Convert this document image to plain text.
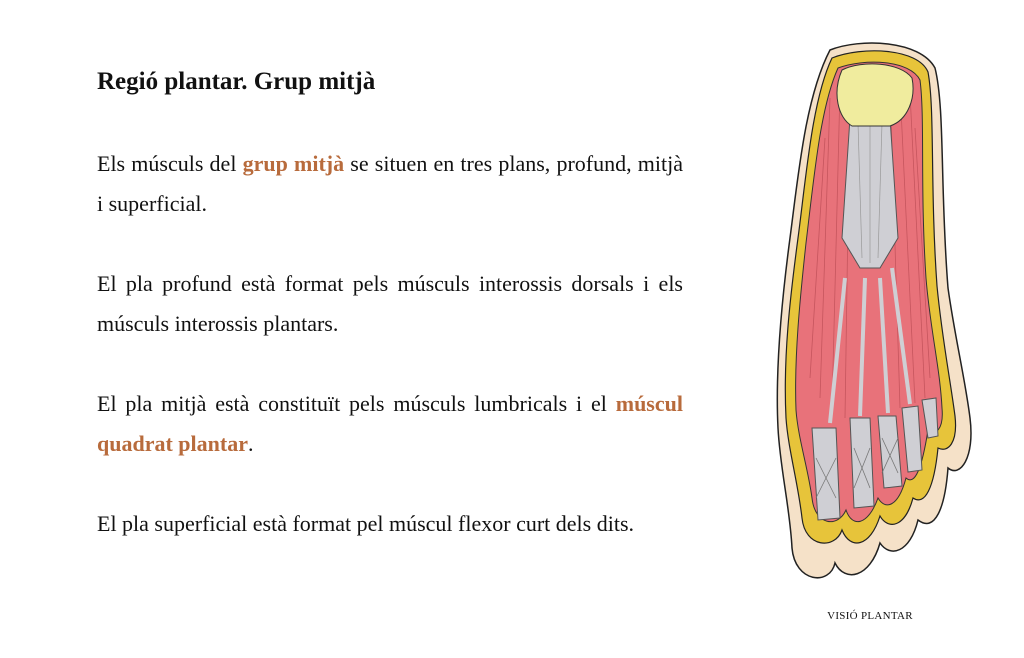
Regió plantar. Grup mitjà

Els músculs del grup mitjà se situen en tres plans, profund, mitjà i superficial.

El pla profund està format pels músculs interossis dorsals i els músculs interossis plantars.

El pla mitjà està constituït pels músculs lumbricals i el múscul quadrat plantar.

El pla superficial està format pel múscul flexor curt dels dits.

VISIÓ PLANTAR
